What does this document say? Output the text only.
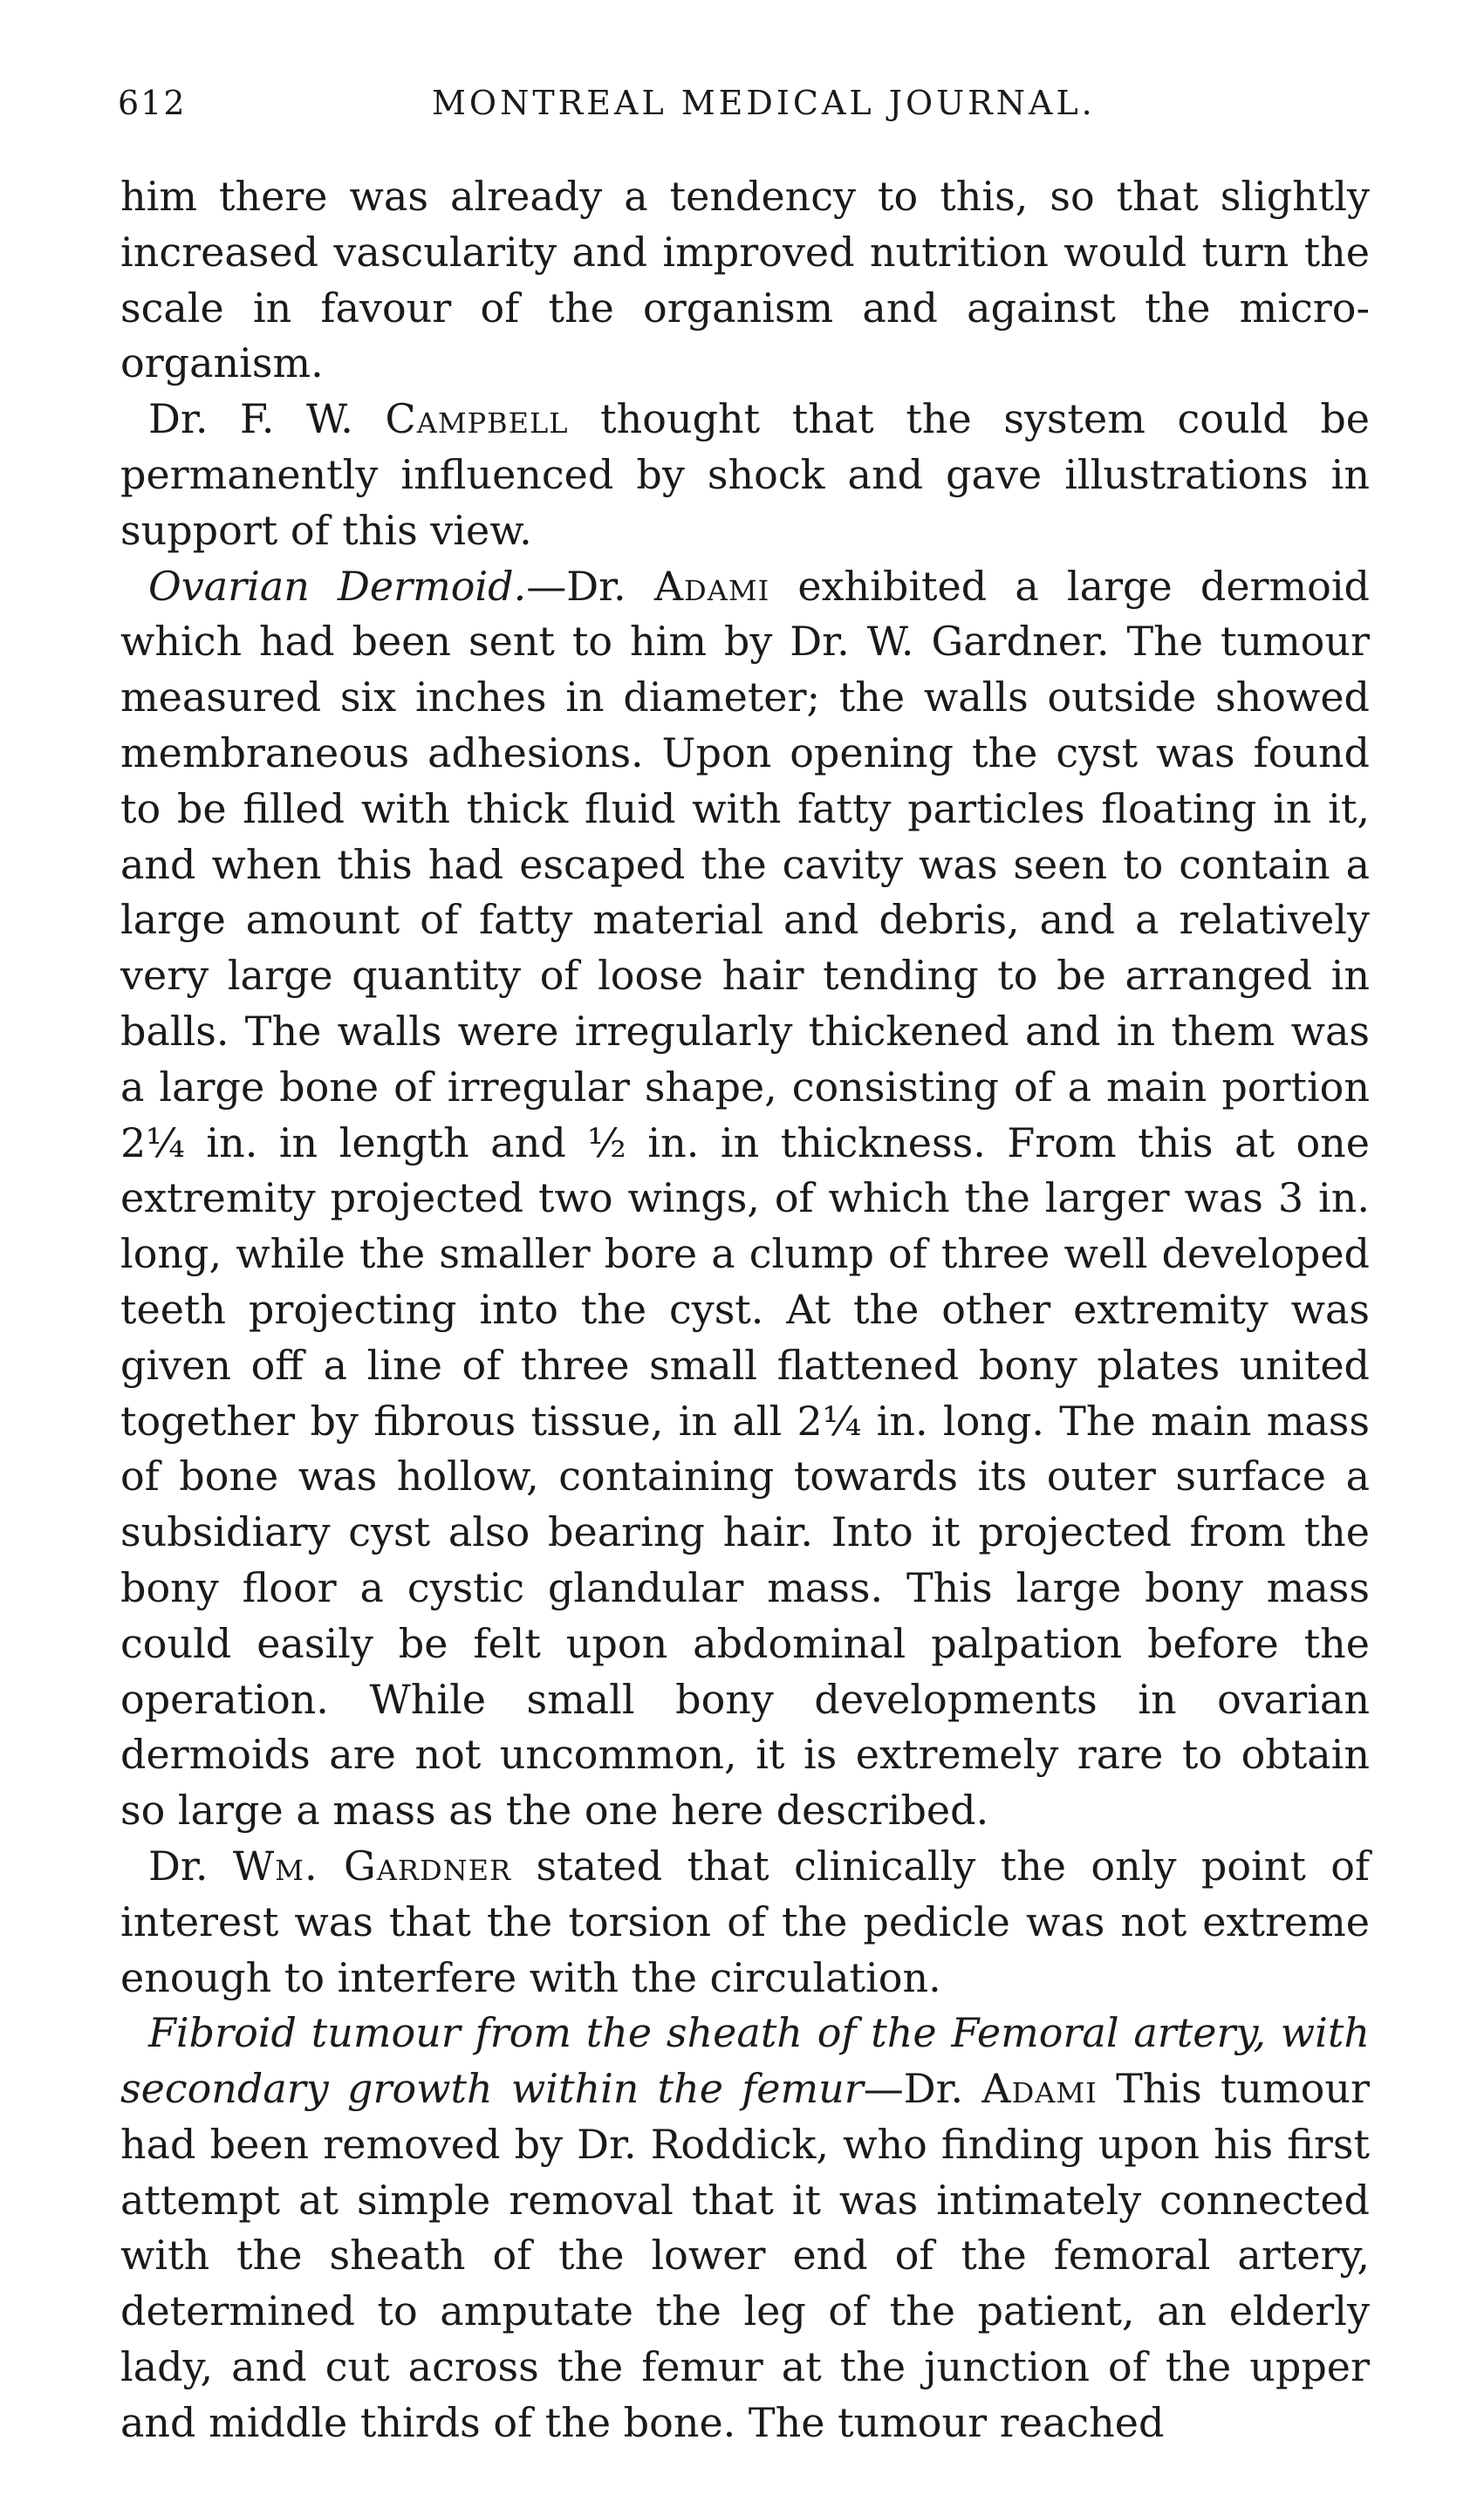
612	MONTREAL MEDICAL JOURNAL.

him there was already a tendency to this, so that slightly increased vascularity and improved nutrition would turn the scale in favour of the organism and against the micro-organism.

Dr. F. W. Campbell thought that the system could be permanently influenced by shock and gave illustrations in support of this view.

Ovarian Dermoid.—Dr. Adami exhibited a large dermoid which had been sent to him by Dr. W. Gardner. The tumour measured six inches in diameter; the walls outside showed membraneous adhesions. Upon opening the cyst was found to be filled with thick fluid with fatty particles floating in it, and when this had escaped the cavity was seen to contain a large amount of fatty material and debris, and a relatively very large quantity of loose hair tending to be arranged in balls. The walls were irregularly thickened and in them was a large bone of irregular shape, consisting of a main portion 2¼ in. in length and ½ in. in thickness. From this at one extremity projected two wings, of which the larger was 3 in. long, while the smaller bore a clump of three well developed teeth projecting into the cyst. At the other extremity was given off a line of three small flattened bony plates united together by fibrous tissue, in all 2¼ in. long. The main mass of bone was hollow, containing towards its outer surface a subsidiary cyst also bearing hair. Into it projected from the bony floor a cystic glandular mass. This large bony mass could easily be felt upon abdominal palpation before the operation. While small bony developments in ovarian dermoids are not uncommon, it is extremely rare to obtain so large a mass as the one here described.

Dr. Wm. Gardner stated that clinically the only point of interest was that the torsion of the pedicle was not extreme enough to interfere with the circulation.

Fibroid tumour from the sheath of the Femoral artery, with secondary growth within the femur—Dr. Adami This tumour had been removed by Dr. Roddick, who finding upon his first attempt at simple removal that it was intimately connected with the sheath of the lower end of the femoral artery, determined to amputate the leg of the patient, an elderly lady, and cut across the femur at the junction of the upper and middle thirds of the bone. The tumour reached
